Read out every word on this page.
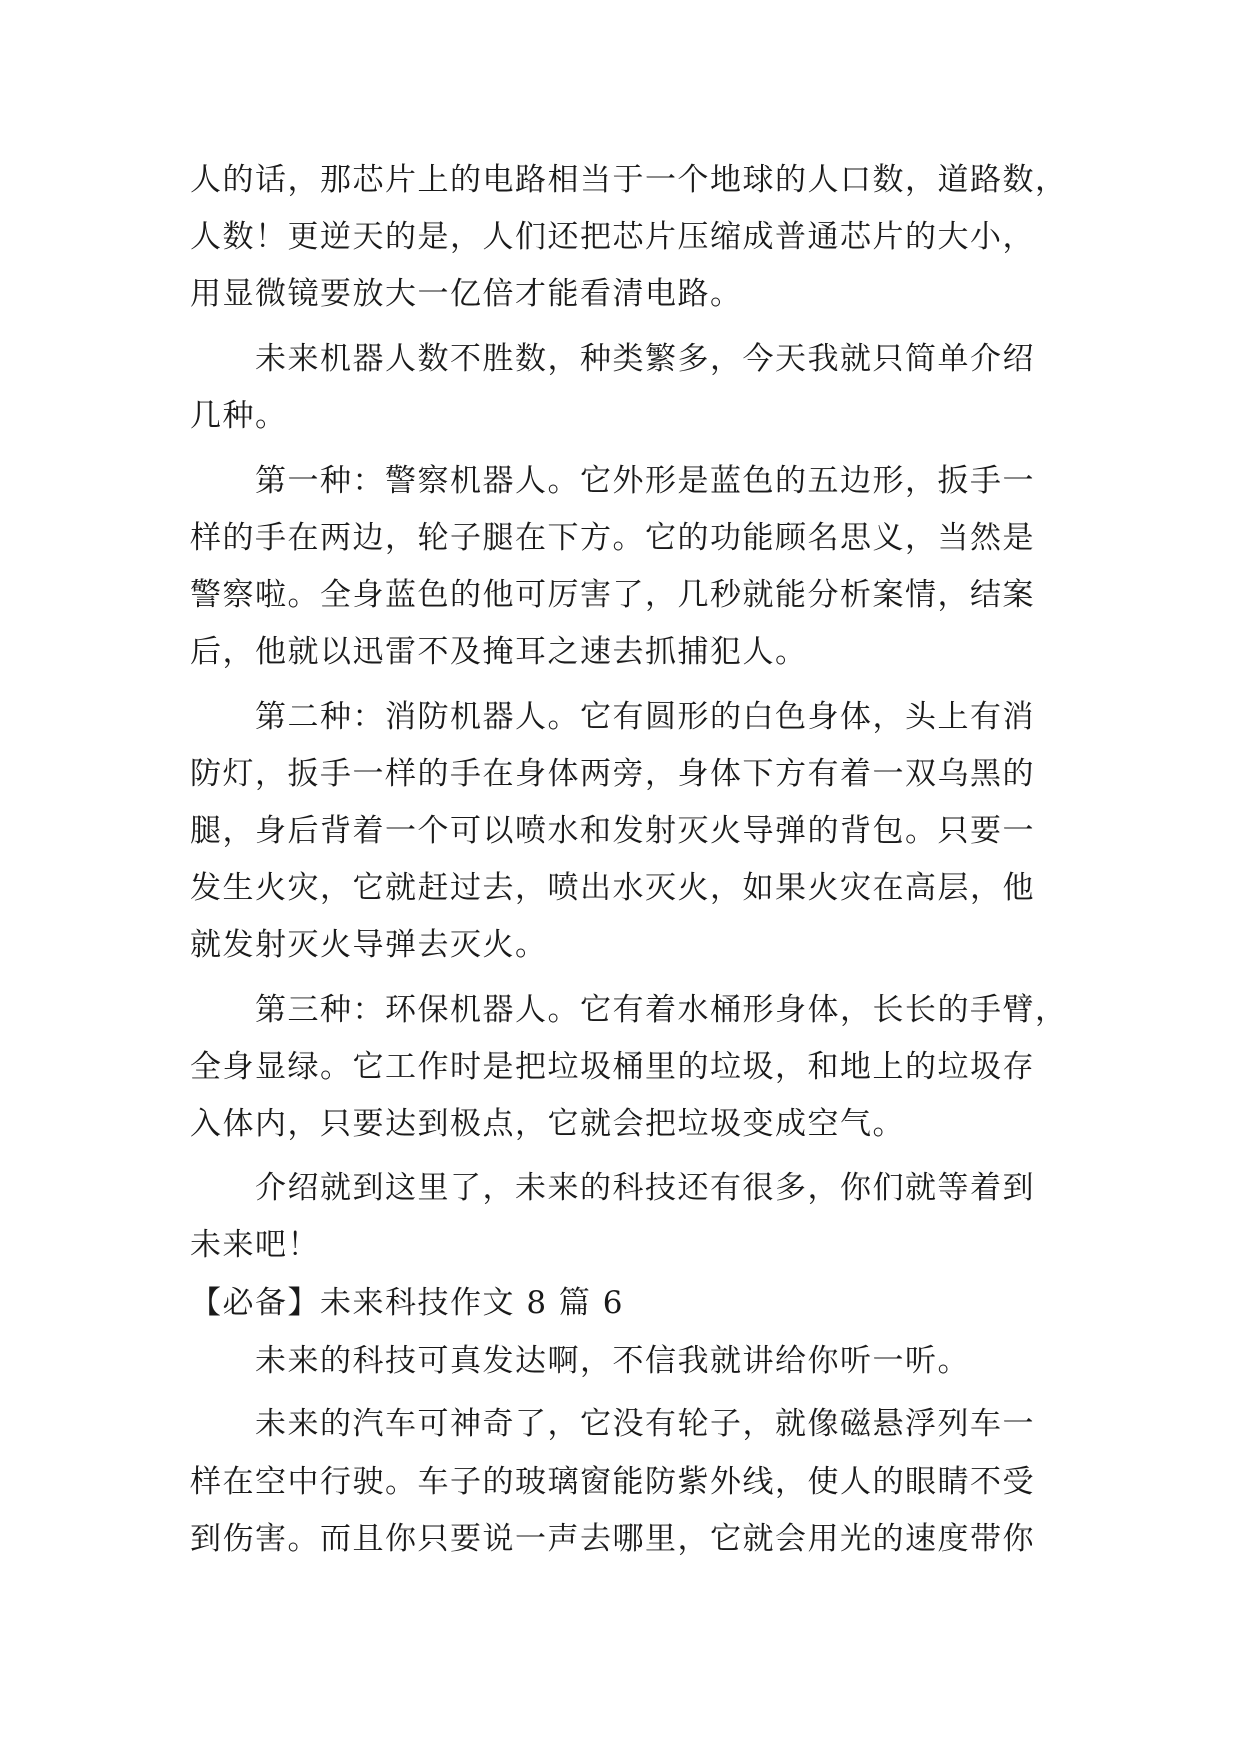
人的话，那芯片上的电路相当于一个地球的人口数，道路数，
人数！更逆天的是，人们还把芯片压缩成普通芯片的大小，
用显微镜要放大一亿倍才能看清电路。
未来机器人数不胜数，种类繁多，今天我就只简单介绍
几种。
第一种：警察机器人。它外形是蓝色的五边形，扳手一
样的手在两边，轮子腿在下方。它的功能顾名思义，当然是
警察啦。全身蓝色的他可厉害了，几秒就能分析案情，结案
后，他就以迅雷不及掩耳之速去抓捕犯人。
第二种：消防机器人。它有圆形的白色身体，头上有消
防灯，扳手一样的手在身体两旁，身体下方有着一双乌黑的
腿，身后背着一个可以喷水和发射灭火导弹的背包。只要一
发生火灾，它就赶过去，喷出水灭火，如果火灾在高层，他
就发射灭火导弹去灭火。
第三种：环保机器人。它有着水桶形身体，长长的手臂，
全身显绿。它工作时是把垃圾桶里的垃圾，和地上的垃圾存
入体内，只要达到极点，它就会把垃圾变成空气。
介绍就到这里了，未来的科技还有很多，你们就等着到
未来吧！
【必备】未来科技作文 8 篇 6
未来的科技可真发达啊，不信我就讲给你听一听。
未来的汽车可神奇了，它没有轮子，就像磁悬浮列车一
样在空中行驶。车子的玻璃窗能防紫外线，使人的眼睛不受
到伤害。而且你只要说一声去哪里，它就会用光的速度带你
